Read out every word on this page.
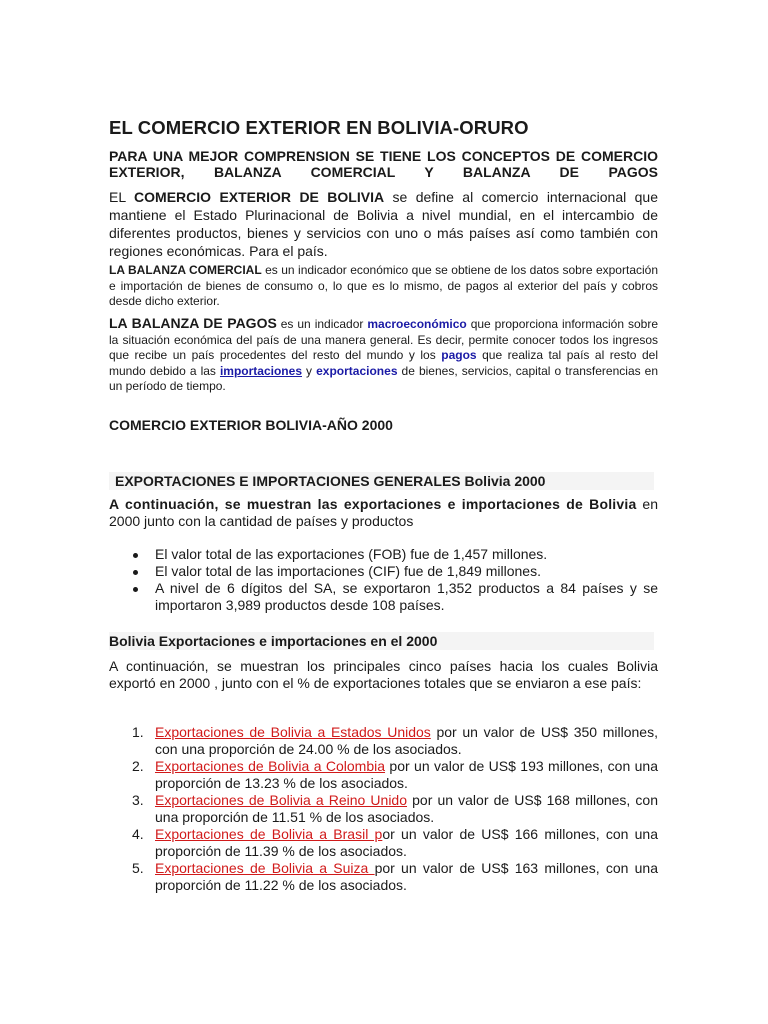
EL COMERCIO EXTERIOR EN BOLIVIA-ORURO

PARA UNA MEJOR COMPRENSION SE TIENE LOS CONCEPTOS DE COMERCIO EXTERIOR, BALANZA COMERCIAL Y BALANZA DE PAGOS

EL COMERCIO EXTERIOR DE BOLIVIA se define al comercio internacional que mantiene el Estado Plurinacional de Bolivia a nivel mundial, en el intercambio de diferentes productos, bienes y servicios con uno o más países así como también con regiones económicas. Para el país.

LA BALANZA COMERCIAL es un indicador económico que se obtiene de los datos sobre exportación e importación de bienes de consumo o, lo que es lo mismo, de pagos al exterior del país y cobros desde dicho exterior.

LA BALANZA DE PAGOS es un indicador macroeconómico que proporciona información sobre la situación económica del país de una manera general. Es decir, permite conocer todos los ingresos que recibe un país procedentes del resto del mundo y los pagos que realiza tal país al resto del mundo debido a las importaciones y exportaciones de bienes, servicios, capital o transferencias en un período de tiempo.

COMERCIO EXTERIOR BOLIVIA-AÑO 2000
EXPORTACIONES E IMPORTACIONES GENERALES Bolivia 2000

A continuación, se muestran las exportaciones e importaciones de Bolivia en 2000 junto con la cantidad de países y productos

El valor total de las exportaciones (FOB) fue de 1,457 millones.
El valor total de las importaciones (CIF) fue de 1,849 millones.
A nivel de 6 dígitos del SA, se exportaron 1,352 productos a 84 países y se importaron 3,989 productos desde 108 países.
Bolivia Exportaciones e importaciones en el 2000

A continuación, se muestran los principales cinco países hacia los cuales Bolivia exportó en 2000 , junto con el % de exportaciones totales que se enviaron a ese país:

1. Exportaciones de Bolivia a Estados Unidos por un valor de US$ 350 millones, con una proporción de 24.00 % de los asociados.
2. Exportaciones de Bolivia a Colombia por un valor de US$ 193 millones, con una proporción de 13.23 % de los asociados.
3. Exportaciones de Bolivia a Reino Unido por un valor de US$ 168 millones, con una proporción de 11.51 % de los asociados.
4. Exportaciones de Bolivia a Brasil por un valor de US$ 166 millones, con una proporción de 11.39 % de los asociados.
5. Exportaciones de Bolivia a Suiza por un valor de US$ 163 millones, con una proporción de 11.22 % de los asociados.
